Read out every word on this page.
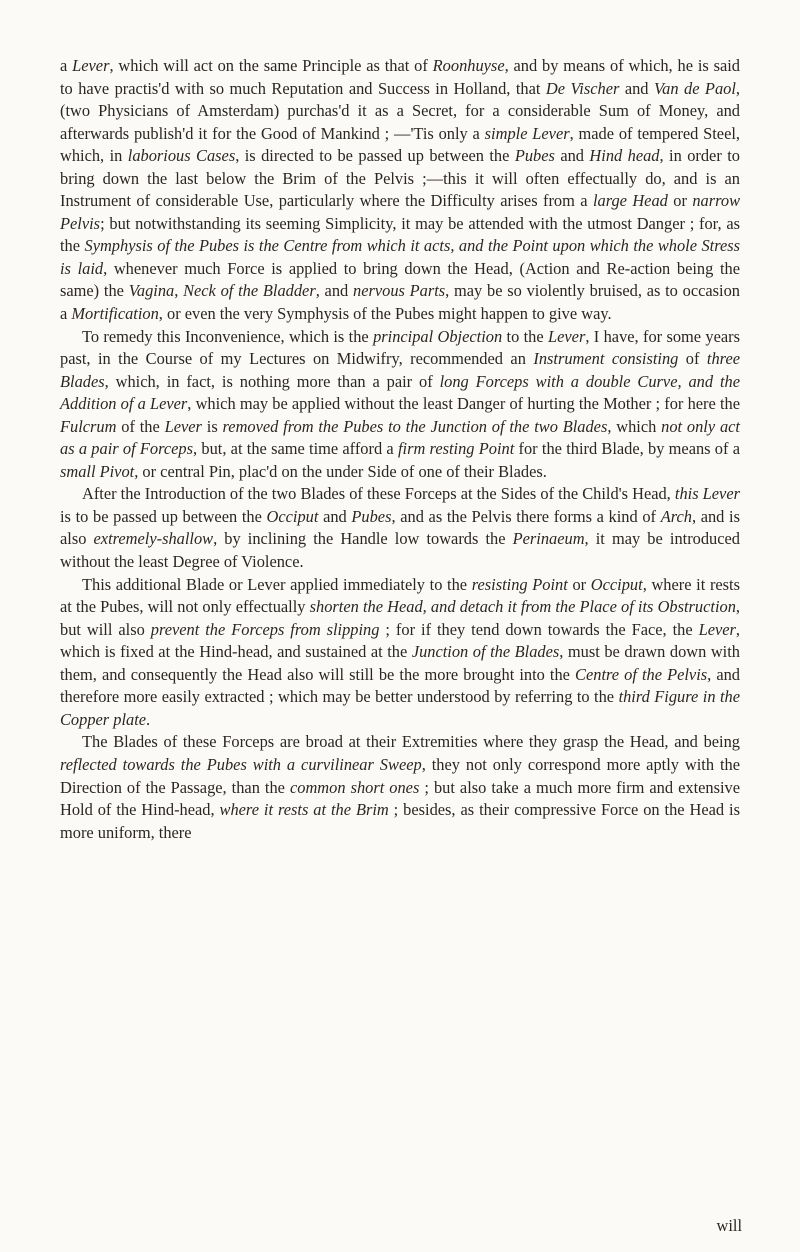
a Lever, which will act on the same Principle as that of Roonhuyse, and by means of which, he is said to have practis'd with so much Reputation and Success in Holland, that De Vischer and Van de Paol, (two Physicians of Amsterdam) purchas'd it as a Secret, for a considerable Sum of Money, and afterwards publish'd it for the Good of Mankind ; —'Tis only a simple Lever, made of tempered Steel, which, in laborious Cases, is directed to be passed up between the Pubes and Hind head, in order to bring down the last below the Brim of the Pelvis ;—this it will often effectually do, and is an Instrument of considerable Use, particularly where the Difficulty arises from a large Head or narrow Pelvis; but notwithstanding its seeming Simplicity, it may be attended with the utmost Danger ; for, as the Symphysis of the Pubes is the Centre from which it acts, and the Point upon which the whole Stress is laid, whenever much Force is applied to bring down the Head, (Action and Re-action being the same) the Vagina, Neck of the Bladder, and nervous Parts, may be so violently bruised, as to occasion a Mortification, or even the very Symphysis of the Pubes might happen to give way.

To remedy this Inconvenience, which is the principal Objection to the Lever, I have, for some years past, in the Course of my Lectures on Midwifry, recommended an Instrument consisting of three Blades, which, in fact, is nothing more than a pair of long Forceps with a double Curve, and the Addition of a Lever, which may be applied without the least Danger of hurting the Mother ; for here the Fulcrum of the Lever is removed from the Pubes to the Junction of the two Blades, which not only act as a pair of Forceps, but, at the same time afford a firm resting Point for the third Blade, by means of a small Pivot, or central Pin, plac'd on the under Side of one of their Blades.

After the Introduction of the two Blades of these Forceps at the Sides of the Child's Head, this Lever is to be passed up between the Occiput and Pubes, and as the Pelvis there forms a kind of Arch, and is also extremely-shallow, by inclining the Handle low towards the Perinaeum, it may be introduced without the least Degree of Violence.

This additional Blade or Lever applied immediately to the resisting Point or Occiput, where it rests at the Pubes, will not only effectually shorten the Head, and detach it from the Place of its Obstruction, but will also prevent the Forceps from slipping ; for if they tend down towards the Face, the Lever, which is fixed at the Hind-head, and sustained at the Junction of the Blades, must be drawn down with them, and consequently the Head also will still be the more brought into the Centre of the Pelvis, and therefore more easily extracted ; which may be better understood by referring to the third Figure in the Copper plate.

The Blades of these Forceps are broad at their Extremities where they grasp the Head, and being reflected towards the Pubes with a curvilinear Sweep, they not only correspond more aptly with the Direction of the Passage, than the common short ones ; but also take a much more firm and extensive Hold of the Hind-head, where it rests at the Brim ; besides, as their compressive Force on the Head is more uniform, there

will
